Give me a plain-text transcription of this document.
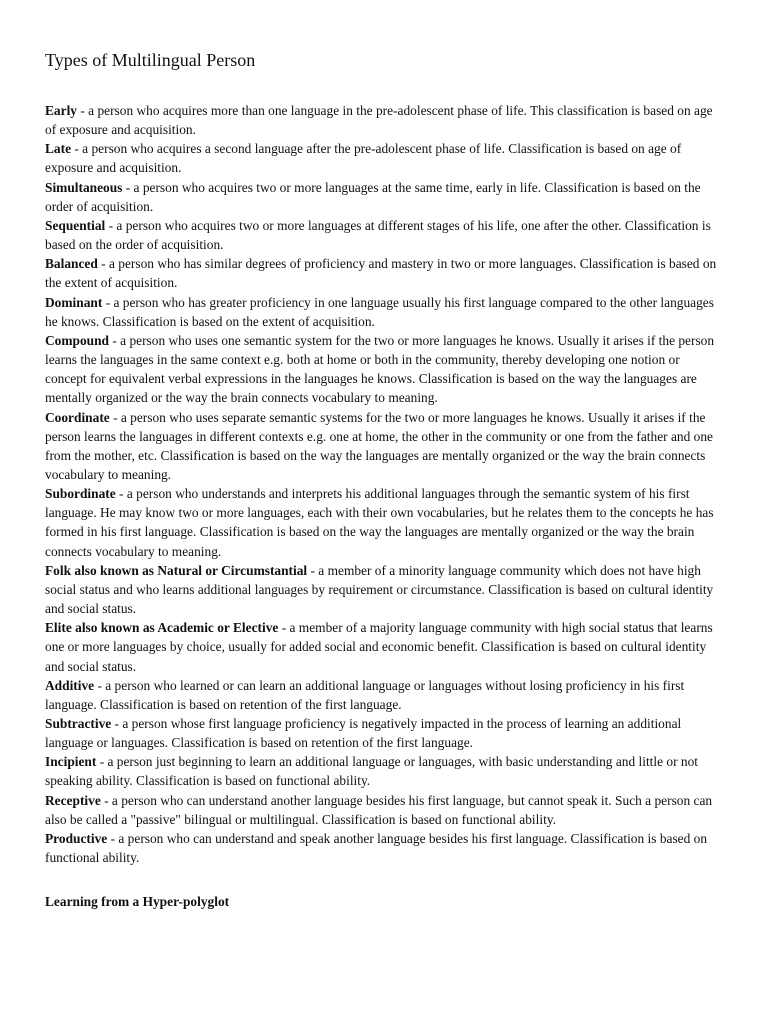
Types of Multilingual Person

Early - a person who acquires more than one language in the pre-adolescent phase of life. This classification is based on age of exposure and acquisition.

Late - a person who acquires a second language after the pre-adolescent phase of life. Classification is based on age of exposure and acquisition.

Simultaneous - a person who acquires two or more languages at the same time, early in life. Classification is based on the order of acquisition.

Sequential - a person who acquires two or more languages at different stages of his life, one after the other. Classification is based on the order of acquisition.

Balanced - a person who has similar degrees of proficiency and mastery in two or more languages. Classification is based on the extent of acquisition.

Dominant - a person who has greater proficiency in one language usually his first language compared to the other languages he knows. Classification is based on the extent of acquisition.

Compound - a person who uses one semantic system for the two or more languages he knows. Usually it arises if the person learns the languages in the same context e.g. both at home or both in the community, thereby developing one notion or concept for equivalent verbal expressions in the languages he knows. Classification is based on the way the languages are mentally organized or the way the brain connects vocabulary to meaning.

Coordinate - a person who uses separate semantic systems for the two or more languages he knows. Usually it arises if the person learns the languages in different contexts e.g. one at home, the other in the community or one from the father and one from the mother, etc. Classification is based on the way the languages are mentally organized or the way the brain connects vocabulary to meaning.

Subordinate - a person who understands and interprets his additional languages through the semantic system of his first language. He may know two or more languages, each with their own vocabularies, but he relates them to the concepts he has formed in his first language. Classification is based on the way the languages are mentally organized or the way the brain connects vocabulary to meaning.

Folk also known as Natural or Circumstantial - a member of a minority language community which does not have high social status and who learns additional languages by requirement or circumstance. Classification is based on cultural identity and social status.

Elite also known as Academic or Elective - a member of a majority language community with high social status that learns one or more languages by choice, usually for added social and economic benefit. Classification is based on cultural identity and social status.

Additive - a person who learned or can learn an additional language or languages without losing proficiency in his first language. Classification is based on retention of the first language.

Subtractive - a person whose first language proficiency is negatively impacted in the process of learning an additional language or languages. Classification is based on retention of the first language.

Incipient - a person just beginning to learn an additional language or languages, with basic understanding and little or not speaking ability. Classification is based on functional ability.

Receptive - a person who can understand another language besides his first language, but cannot speak it. Such a person can also be called a "passive" bilingual or multilingual. Classification is based on functional ability.

Productive - a person who can understand and speak another language besides his first language. Classification is based on functional ability.

Learning from a Hyper-polyglot
